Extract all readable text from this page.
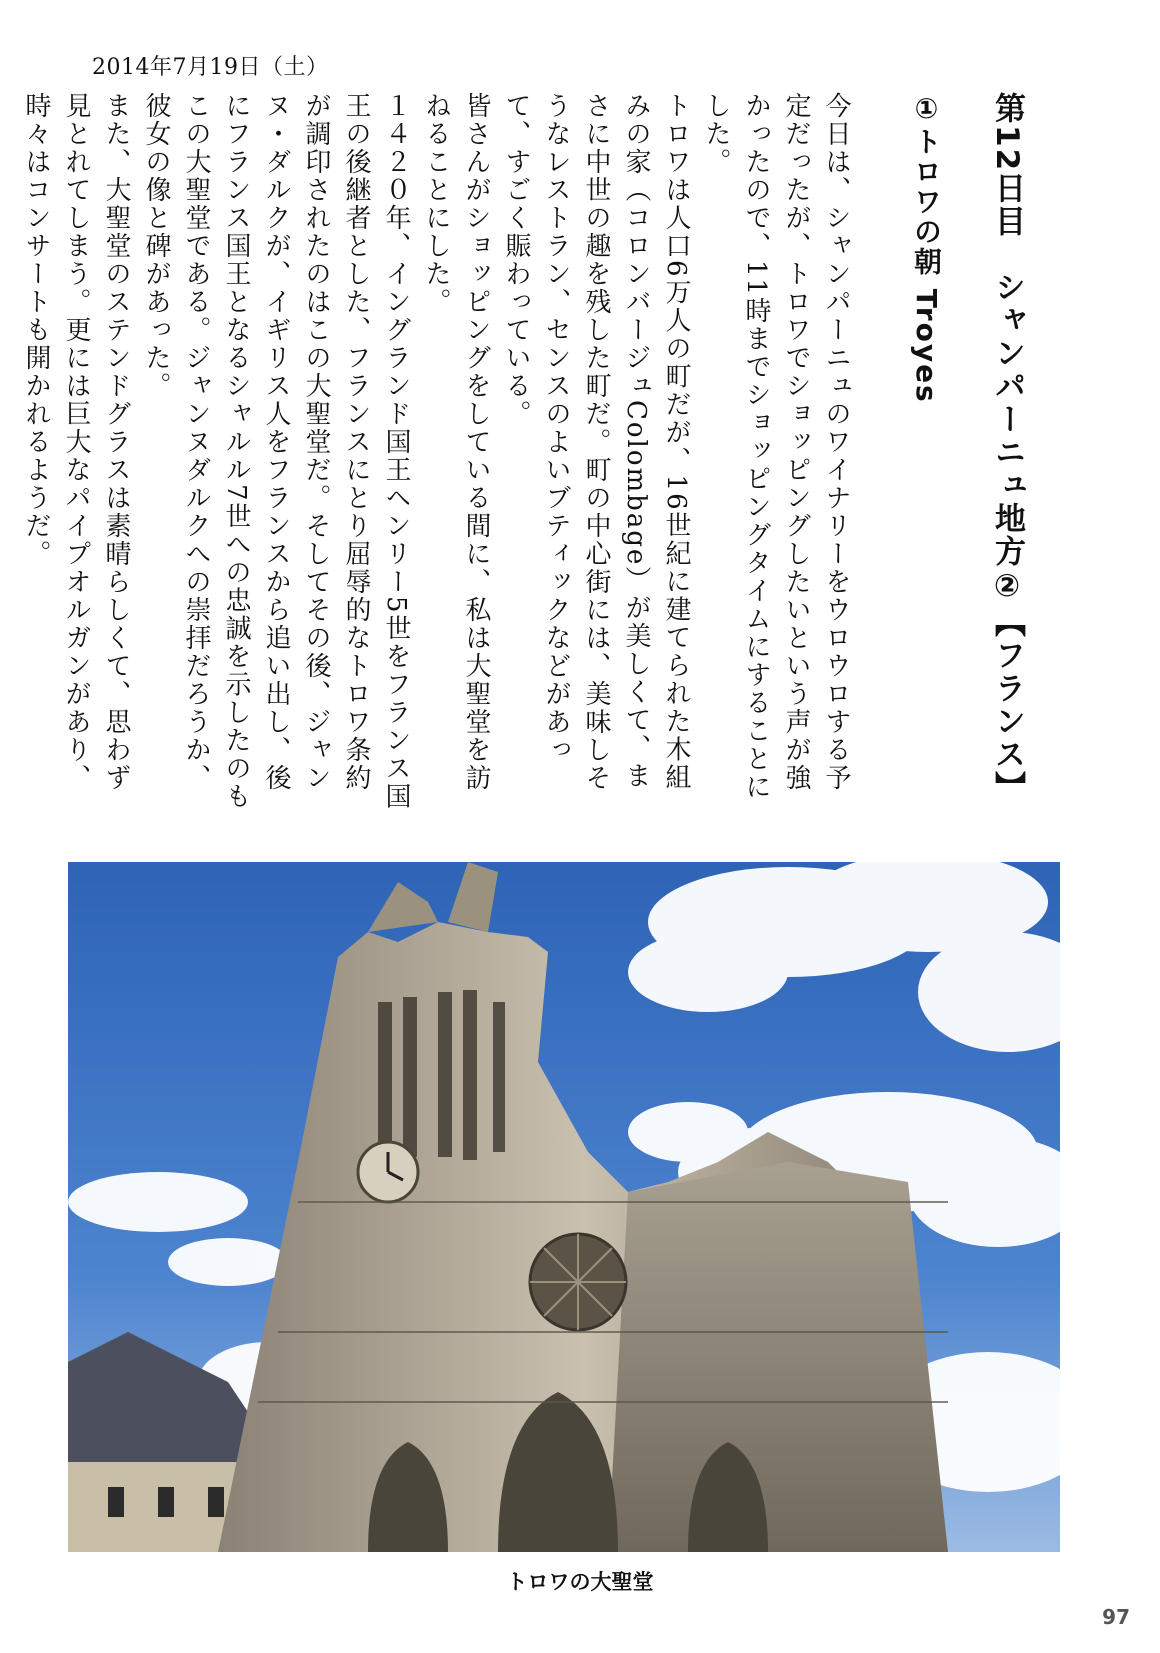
2014年7月19日（土）
第12日目　シャンパーニュ地方②【フランス】
①トロワの朝 Troyes

今日は、シャンパーニュのワイナリーをウロウロする予定だったが、トロワでショッピングしたいという声が強かったので、11時までショッピングタイムにすることにした。

トロワは人口6万人の町だが、16世紀に建てられた木組みの家（コロンバージュColombage）が美しくて、まさに中世の趣を残した町だ。町の中心街には、美味しそうなレストラン、センスのよいブティックなどがあって、すごく賑わっている。

皆さんがショッピングをしている間に、私は大聖堂を訪ねることにした。

１４２０年、イングランド国王ヘンリー5世をフランス国王の後継者とした、フランスにとり屈辱的なトロワ条約が調印されたのはこの大聖堂だ。そしてその後、ジャンヌ・ダルクが、イギリス人をフランスから追い出し、後にフランス国王となるシャルル7世への忠誠を示したのもこの大聖堂である。ジャンヌダルクへの崇拝だろうか、彼女の像と碑があった。

また、大聖堂のステンドグラスは素晴らしくて、思わず見とれてしまう。更には巨大なパイプオルガンがあり、時々はコンサートも開かれるようだ。

トロワの大聖堂
97
